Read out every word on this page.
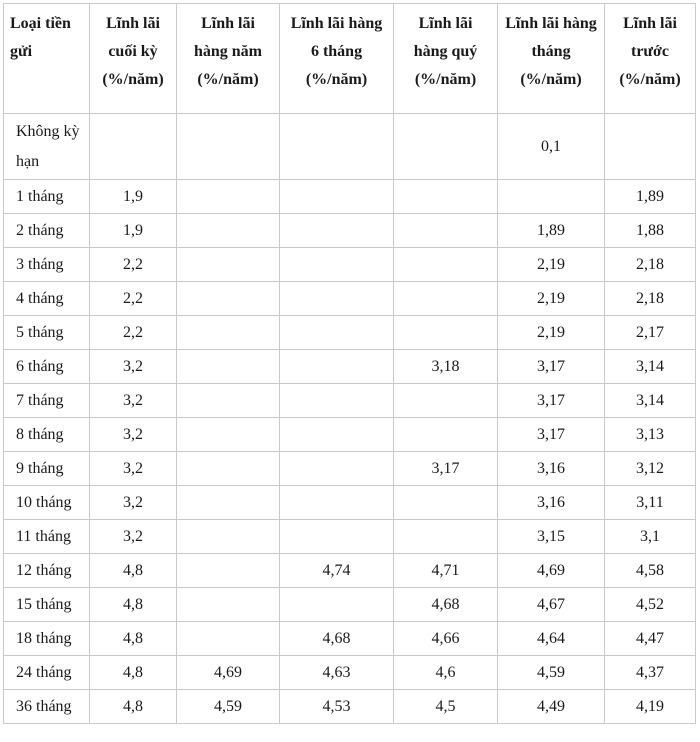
Loại tiền gửi	Lĩnh lãi cuối kỳ (%/năm)	Lĩnh lãi hàng năm (%/năm)	Lĩnh lãi hàng 6 tháng (%/năm)	Lĩnh lãi hàng quý (%/năm)	Lĩnh lãi hàng tháng (%/năm)	Lĩnh lãi trước (%/năm)

Không kỳ hạn					0,1	
1 tháng	1,9					1,89
2 tháng	1,9				1,89	1,88
3 tháng	2,2				2,19	2,18
4 tháng	2,2				2,19	2,18
5 tháng	2,2				2,19	2,17
6 tháng	3,2			3,18	3,17	3,14
7 tháng	3,2				3,17	3,14
8 tháng	3,2				3,17	3,13
9 tháng	3,2			3,17	3,16	3,12
10 tháng	3,2				3,16	3,11
11 tháng	3,2				3,15	3,1
12 tháng	4,8		4,74	4,71	4,69	4,58
15 tháng	4,8			4,68	4,67	4,52
18 tháng	4,8		4,68	4,66	4,64	4,47
24 tháng	4,8	4,69	4,63	4,6	4,59	4,37
36 tháng	4,8	4,59	4,53	4,5	4,49	4,19
